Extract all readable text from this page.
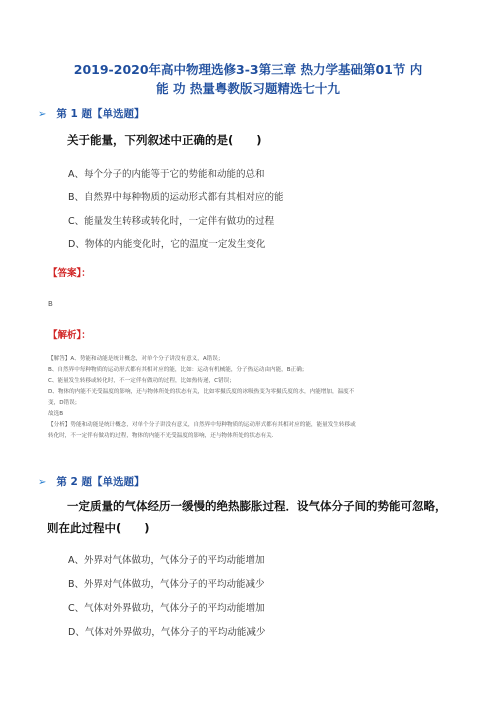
2019-2020年高中物理选修3-3第三章 热力学基础第01节 内
能 功 热量粤教版习题精选七十九
➢ 第 1 题【单选题】
关于能量，下列叙述中正确的是(　　)
A、每个分子的内能等于它的势能和动能的总和
B、自然界中每种物质的运动形式都有其相对应的能
C、能量发生转移或转化时，一定伴有做功的过程
D、物体的内能变化时，它的温度一定发生变化
【答案】：
B
【解析】：
【解答】A、势能和动能是统计概念，对单个分子讲没有意义，A错误；
B、自然界中每种物质的运动形式都有其相对应的能，比如：运动有机械能，分子热运动由内能，B正确；
C、能量发生转移或转化时，不一定伴有做功的过程，比如热传递，C错误；
D、物体的内能不光受温度的影响，还与物体所处的状态有关，比如零摄氏度的冰吸热变为零摄氏度的水，内能增加，温度不
变，D错误；
故选B
【分析】势能和动能是统计概念，对单个分子讲没有意义，自然界中每种物质的运动形式都有其相对应的能，能量发生转移或
转化时，不一定伴有做功的过程，物体的内能不光受温度的影响，还与物体所处的状态有关．
➢ 第 2 题【单选题】
一定质量的气体经历一缓慢的绝热膨胀过程．设气体分子间的势能可忽略，则在此过程中(　　)
A、外界对气体做功，气体分子的平均动能增加
B、外界对气体做功，气体分子的平均动能减少
C、气体对外界做功，气体分子的平均动能增加
D、气体对外界做功，气体分子的平均动能减少
